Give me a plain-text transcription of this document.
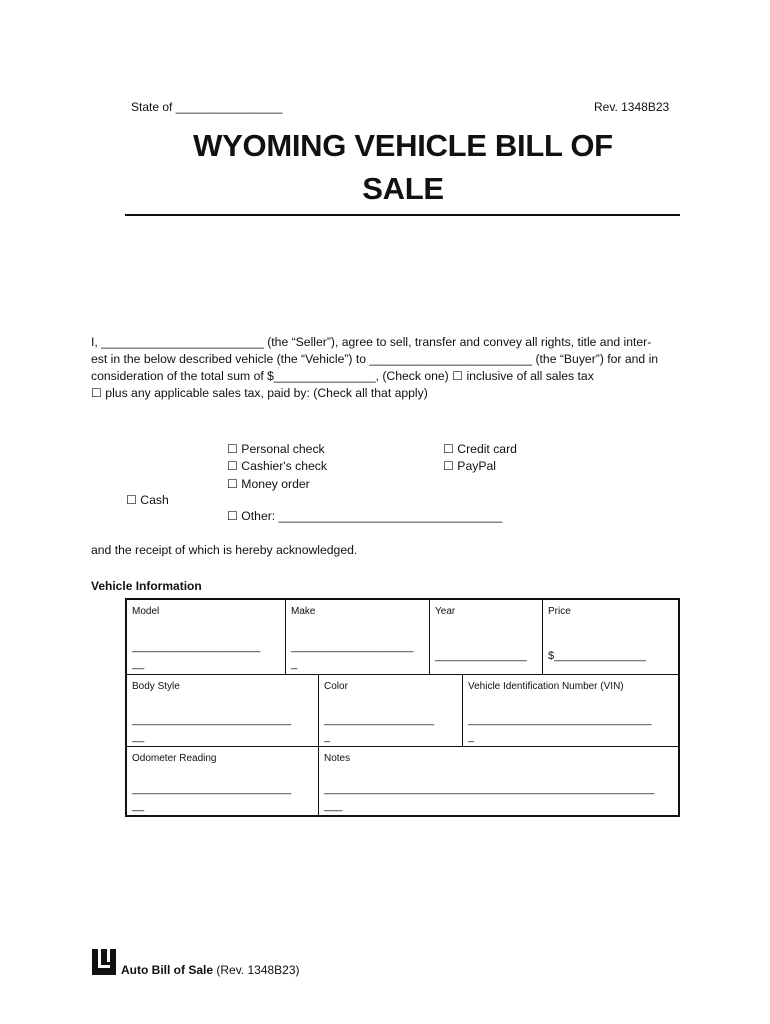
State of ________________	Rev. 1348B23
WYOMING VEHICLE BILL OF
SALE
I, ________________________ (the “Seller”), agree to sell, transfer and convey all rights, title and inter-
est in the below described vehicle (the “Vehicle”) to ________________________ (the “Buyer”) for and in
consideration of the total sum of $_______________, (Check one) ☐ inclusive of all sales tax
☐ plus any applicable sales tax, paid by: (Check all that apply)
☐ Personal check
☐ Cashier's check
☐ Money order
☐ Cash
☐ Other: _________________________________
☐ Credit card
☐ PayPal
and the receipt of which is hereby acknowledged.
Vehicle Information
Model
_____________________
__
Make
____________________
_
Year
_______________
Price
$_______________
Body Style
__________________________
__
Color
__________________
_
Vehicle Identification Number (VIN)
______________________________
_
Odometer Reading
__________________________
__
Notes
______________________________________________________
___
Auto Bill of Sale (Rev. 1348B23)
